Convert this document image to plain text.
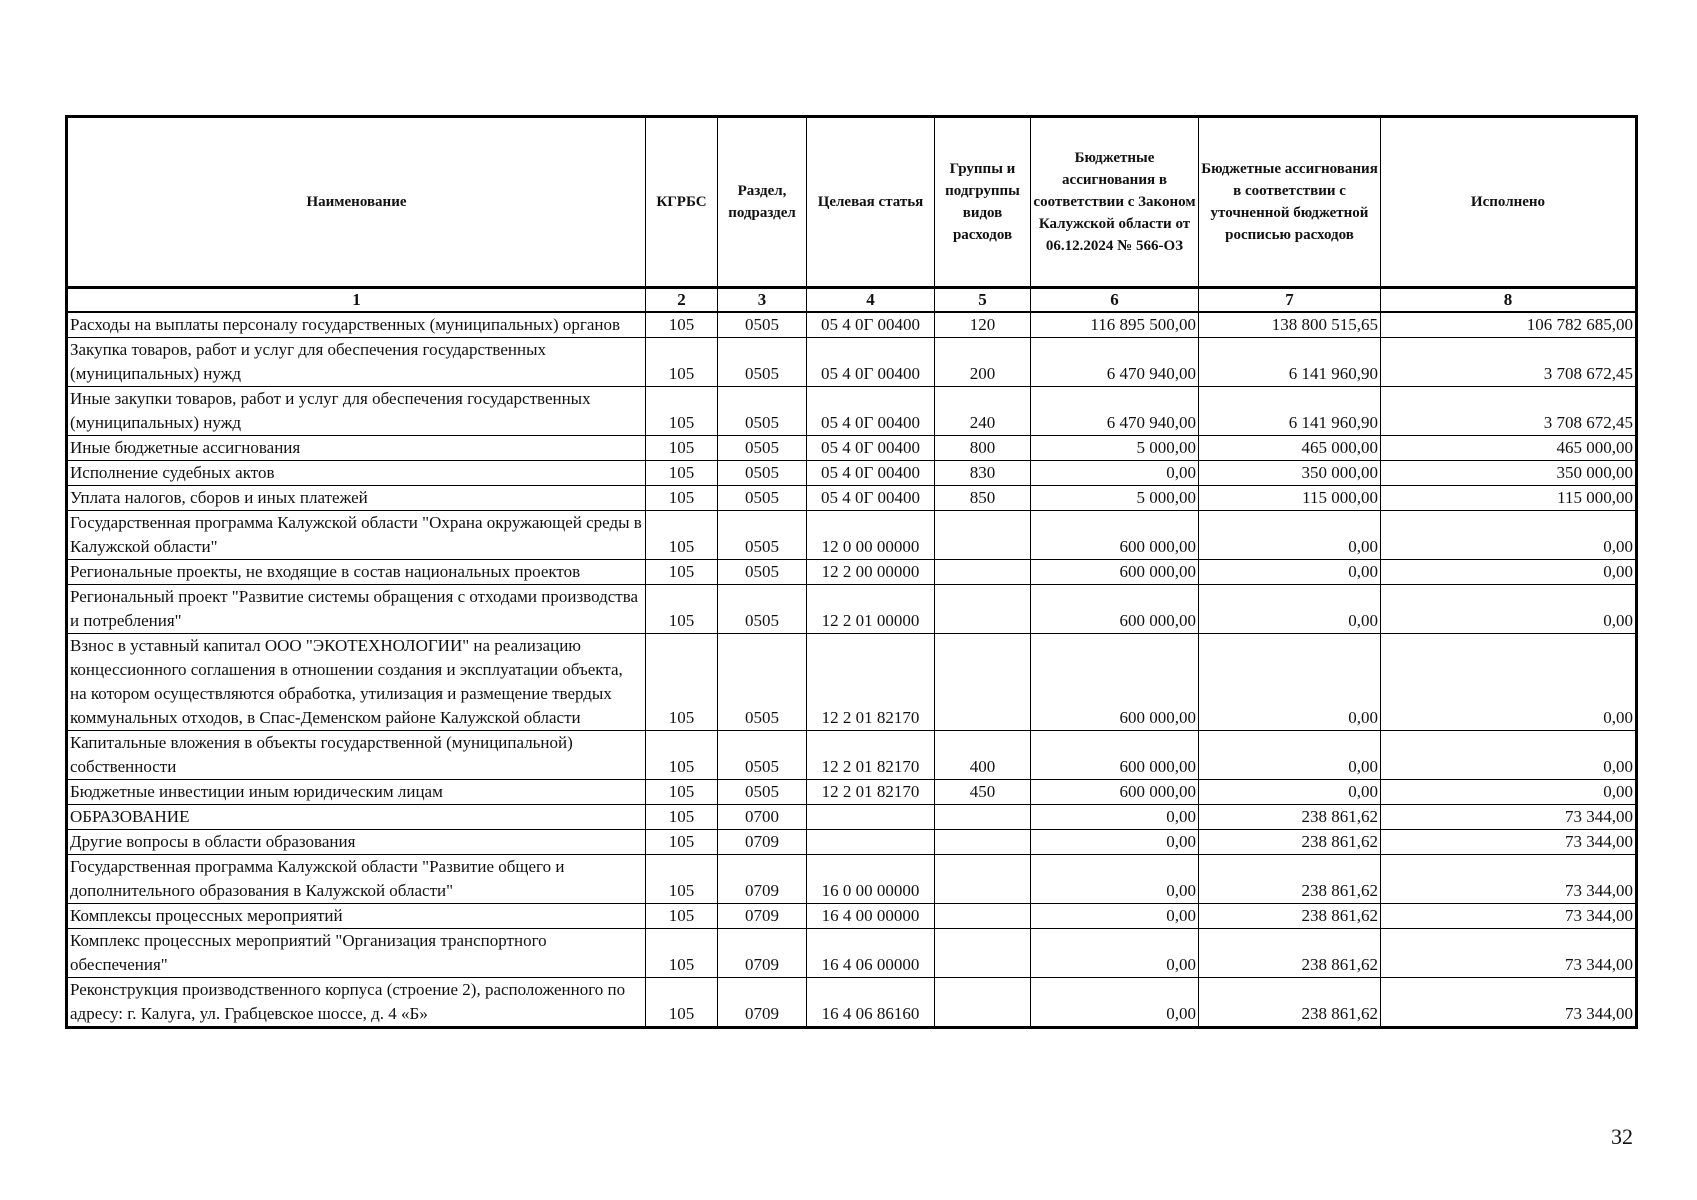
Наименование	КГРБС	Раздел, подраздел	Целевая статья	Группы и подгруппы видов расходов	Бюджетные ассигнования в соответствии с Законом Калужской области от 06.12.2024 № 566-ОЗ	Бюджетные ассигнования в соответствии с уточненной бюджетной росписью расходов	Исполнено
1	2	3	4	5	6	7	8
Расходы на выплаты персоналу государственных (муниципальных) органов	105	0505	05 4 0Г 00400	120	116 895 500,00	138 800 515,65	106 782 685,00
Закупка товаров, работ и услуг для обеспечения государственных (муниципальных) нужд	105	0505	05 4 0Г 00400	200	6 470 940,00	6 141 960,90	3 708 672,45
Иные закупки товаров, работ и услуг для обеспечения государственных (муниципальных) нужд	105	0505	05 4 0Г 00400	240	6 470 940,00	6 141 960,90	3 708 672,45
Иные бюджетные ассигнования	105	0505	05 4 0Г 00400	800	5 000,00	465 000,00	465 000,00
Исполнение судебных актов	105	0505	05 4 0Г 00400	830	0,00	350 000,00	350 000,00
Уплата налогов, сборов и иных платежей	105	0505	05 4 0Г 00400	850	5 000,00	115 000,00	115 000,00
Государственная программа Калужской области "Охрана окружающей среды в Калужской области"	105	0505	12 0 00 00000		600 000,00	0,00	0,00
Региональные проекты, не входящие в состав национальных проектов	105	0505	12 2 00 00000		600 000,00	0,00	0,00
Региональный проект "Развитие системы обращения с отходами производства и потребления"	105	0505	12 2 01 00000		600 000,00	0,00	0,00
Взнос в уставный капитал ООО "ЭКОТЕХНОЛОГИИ" на реализацию концессионного соглашения в отношении создания и эксплуатации объекта, на котором осуществляются обработка, утилизация и размещение твердых коммунальных отходов, в Спас-Деменском районе Калужской области	105	0505	12 2 01 82170		600 000,00	0,00	0,00
Капитальные вложения в объекты государственной (муниципальной) собственности	105	0505	12 2 01 82170	400	600 000,00	0,00	0,00
Бюджетные инвестиции иным юридическим лицам	105	0505	12 2 01 82170	450	600 000,00	0,00	0,00
ОБРАЗОВАНИЕ	105	0700			0,00	238 861,62	73 344,00
Другие вопросы в области образования	105	0709			0,00	238 861,62	73 344,00
Государственная программа Калужской области "Развитие общего и дополнительного образования в Калужской области"	105	0709	16 0 00 00000		0,00	238 861,62	73 344,00
Комплексы процессных мероприятий	105	0709	16 4 00 00000		0,00	238 861,62	73 344,00
Комплекс процессных мероприятий "Организация транспортного обеспечения"	105	0709	16 4 06 00000		0,00	238 861,62	73 344,00
Реконструкция производственного корпуса (строение 2), расположенного по адресу: г. Калуга, ул. Грабцевское шоссе, д. 4 «Б»	105	0709	16 4 06 86160		0,00	238 861,62	73 344,00
32
